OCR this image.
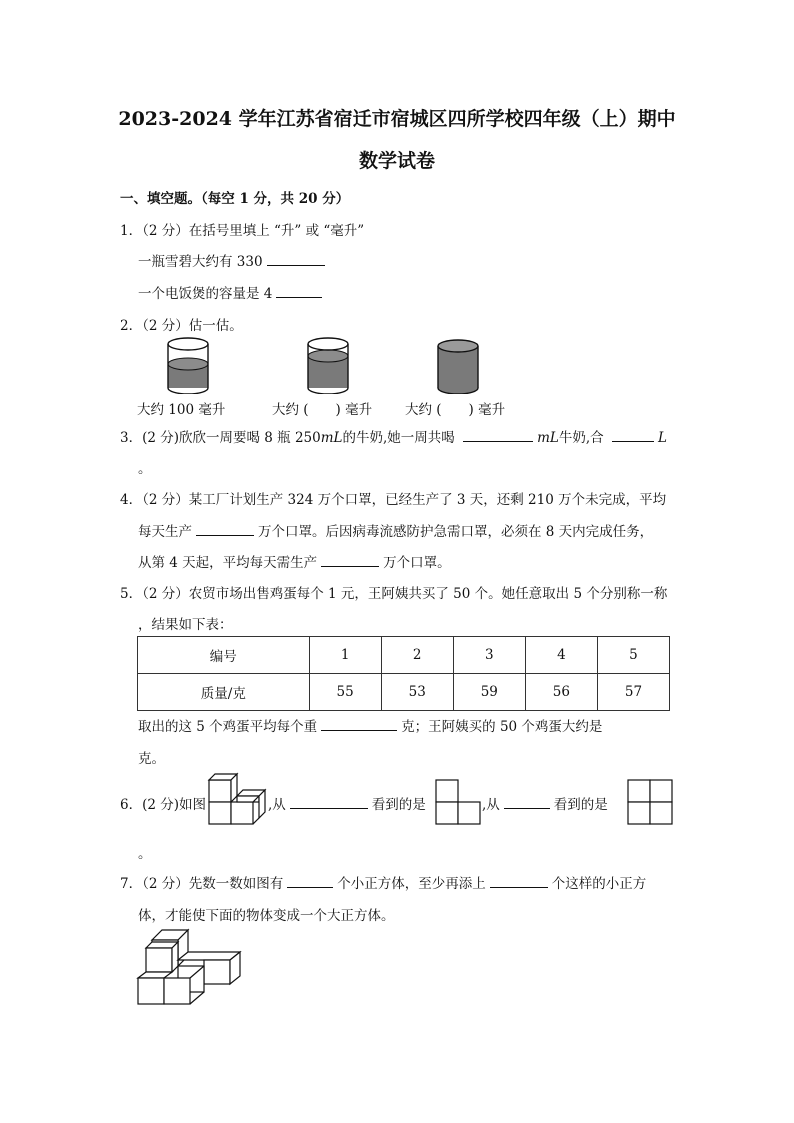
2023-2024 学年江苏省宿迁市宿城区四所学校四年级（上）期中
数学试卷
一、填空题。（每空 1 分，共 20 分）
1．（2 分）在括号里填上 “升” 或 “毫升”
一瓶雪碧大约有 330
一个电饭煲的容量是 4
2．（2 分）估一估。
大约 100 毫升	大约 (　　) 毫升 大约 (　　) 毫升
3．(2 分)欣欣一周要喝 8 瓶 250mL的牛奶,她一周共喝	mL牛奶,合	L
。
4．（2 分）某工厂计划生产 324 万个口罩，已经生产了 3 天，还剩 210 万个未完成，平均
每天生产	万个口罩。后因病毒流感防护急需口罩，必须在 8 天内完成任务，
从第 4 天起，平均每天需生产	万个口罩。
5．（2 分）农贸市场出售鸡蛋每个 1 元，王阿姨共买了 50 个。她任意取出 5 个分别称一称
，结果如下表：
编号	1	2	3	4	5
质量/克	55	53	59	56	57
取出的这 5 个鸡蛋平均每个重	克；王阿姨买的 50 个鸡蛋大约是
克。
6．(2 分)如图	,从	看到的是	,从	看到的是
。
7．（2 分）先数一数如图有	个小正方体，至少再添上	个这样的小正方
体，才能使下面的物体变成一个大正方体。
